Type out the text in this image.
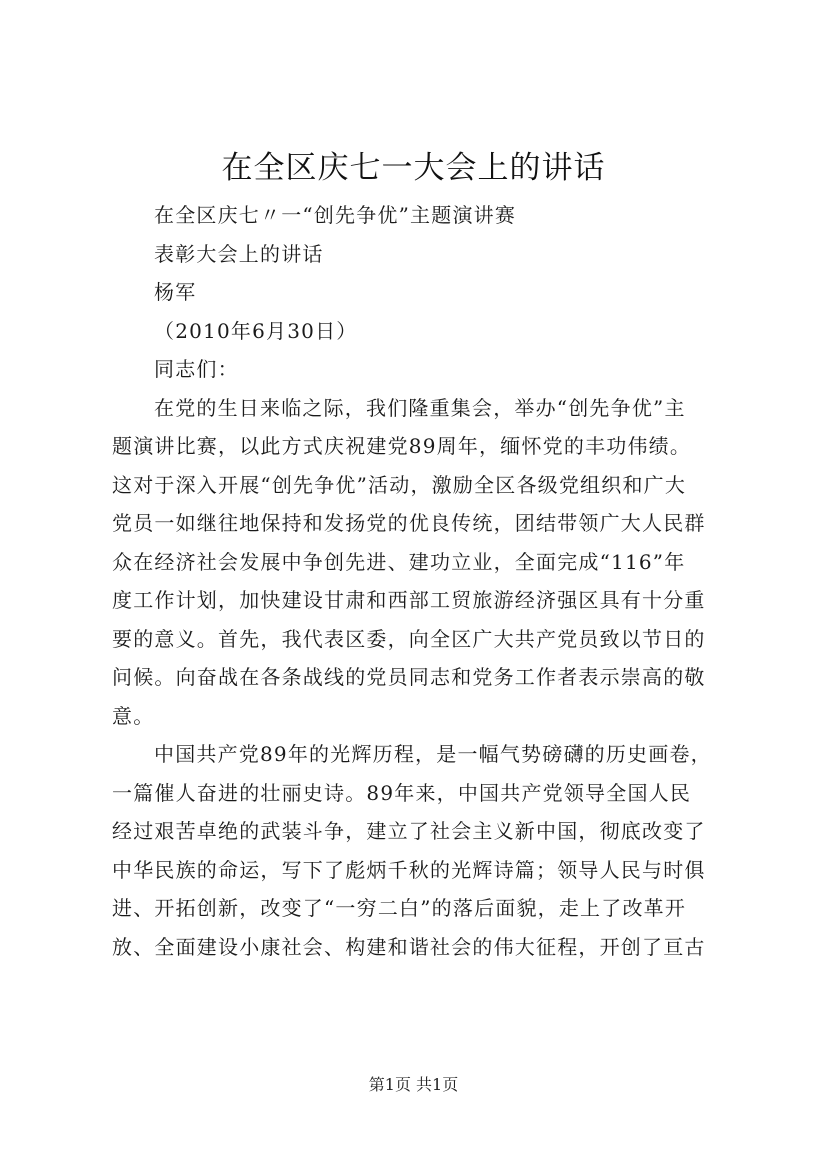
在全区庆七一大会上的讲话
在全区庆七〃一“创先争优”主题演讲赛
表彰大会上的讲话
杨军
（2010年6月30日）
同志们：
在党的生日来临之际，我们隆重集会，举办“创先争优”主
题演讲比赛，以此方式庆祝建党89周年，缅怀党的丰功伟绩。
这对于深入开展“创先争优”活动，激励全区各级党组织和广大
党员一如继往地保持和发扬党的优良传统，团结带领广大人民群
众在经济社会发展中争创先进、建功立业，全面完成“116”年
度工作计划，加快建设甘肃和西部工贸旅游经济强区具有十分重
要的意义。首先，我代表区委，向全区广大共产党员致以节日的
问候。向奋战在各条战线的党员同志和党务工作者表示崇高的敬
意。
中国共产党89年的光辉历程，是一幅气势磅礴的历史画卷，
一篇催人奋进的壮丽史诗。89年来，中国共产党领导全国人民
经过艰苦卓绝的武装斗争，建立了社会主义新中国，彻底改变了
中华民族的命运，写下了彪炳千秋的光辉诗篇；领导人民与时俱
进、开拓创新，改变了“一穷二白”的落后面貌，走上了改革开
放、全面建设小康社会、构建和谐社会的伟大征程，开创了亘古
第1页 共1页
